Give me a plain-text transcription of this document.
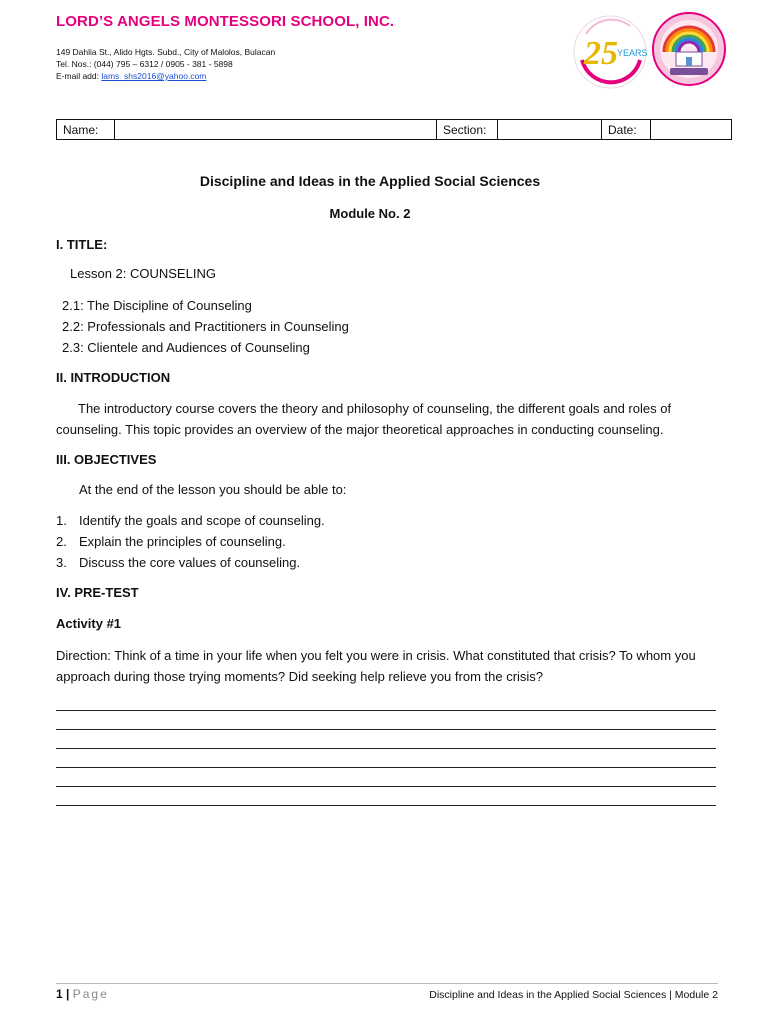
LORD’S ANGELS MONTESSORI SCHOOL, INC.
149 Dahlia St., Alido Hgts. Subd., City of Malolos, Bulacan
Tel. Nos.: (044) 795 – 6312 / 0905 - 381 - 5898
E-mail add: lams_shs2016@yahoo.com
25 YEARS
Name:		Section:		Date:	
Discipline and Ideas in the Applied Social Sciences
Module No. 2
I. TITLE:
Lesson 2: COUNSELING
2.1: The Discipline of Counseling
2.2: Professionals and Practitioners in Counseling
2.3: Clientele and Audiences of Counseling
II. INTRODUCTION
The introductory course covers the theory and philosophy of counseling, the different goals and roles of counseling. This topic provides an overview of the major theoretical approaches in conducting counseling.
III. OBJECTIVES
At the end of the lesson you should be able to:
1. Identify the goals and scope of counseling.
2. Explain the principles of counseling.
3. Discuss the core values of counseling.
IV. PRE-TEST
Activity #1
Direction: Think of a time in your life when you felt you were in crisis. What constituted that crisis? To whom you approach during those trying moments? Did seeking help relieve you from the crisis?
1 | Page	Discipline and Ideas in the Applied Social Sciences | Module 2
